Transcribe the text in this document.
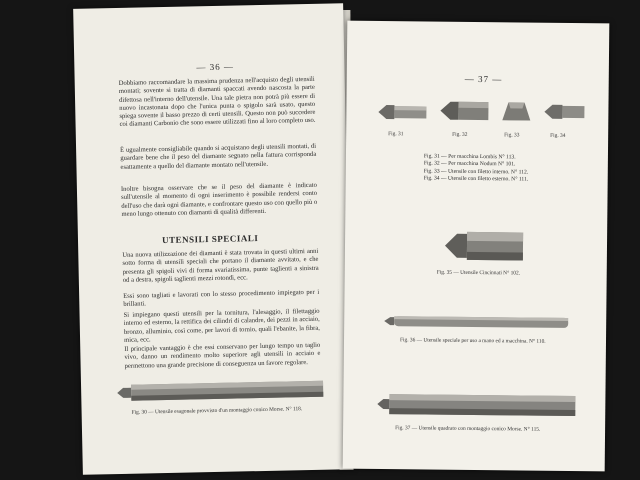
— 36 —

Dobbiamo raccomandare la massima prudenza nell'acquisto degli utensili montati; sovente si tratta di diamanti spaccati avendo nascosta la parte difettosa nell'interno dell'utensile. Una tale pietra non potrà più essere di nuovo incastonata dopo che l'unica punta o spigolo sarà usato, questo spiega sovente il basso prezzo di certi utensili. Questo non può succedere coi diamanti Carbonio che sono essere utilizzati fino al loro completo uso.

È ugualmente consigliabile quando si acquistano degli utensili montati, di guardare bene che il peso del diamante segnato nella fattura corrisponda esattamente a quello del diamante montato nell'utensile.

Inoltre bisogna osservare che se il peso del diamante è indicato sull'utensile al momento di ogni inserimento è possibile rendersi conto dell'uso che darà ogni diamante, e confrontare questo uso con quello più o meno lungo ottenuto con diamanti di qualità differenti.

UTENSILI SPECIALI

Una nuova utilizzazione dei diamanti è stata trovata in questi ultimi anni sotto forma di utensili speciali che portano il diamante avvitato, e che presenta gli spigoli vivi di forma svariatissima, punte taglienti a sinistra od a destra, spigoli taglienti mezzi rotondi, ecc.

Essi sono tagliati e lavorati con lo stesso procedimento impiegato per i brillanti.

Si impiegano questi utensili per la tornitura, l'alesaggio, il filettaggio interno ed esterno, la rettifica dei cilindri di calandre, dei pezzi in acciaio, bronzo, alluminio, così come, per lavori di tornio, quali l'ebanite, la fibra, mica, ecc.

Il principale vantaggio è che essi conservano per lungo tempo un taglio vivo, danno un rendimento molto superiore agli utensili in acciaio e permettono una grande precisione di conseguenza un favore regolare.

Fig. 30 — Utensile esagonale provvisto d'un montaggio conico Morse. N° 118.
— 37 —
Fig. 31	Fig. 32	Fig. 33	Fig. 34
Fig. 31 — Per macchina Lombis N° 113.
Fig. 32 — Per macchina Nodum N° 101.
Fig. 33 — Utensile con filetto interno. N° 112.
Fig. 34 — Utensile con filetto esterno. N° 111.
Fig. 35 — Utensile Cincinnati N° 102.
Fig. 36 — Utensile speciale per uso a mano ed a macchina. N° 110.
Fig. 37 — Utensile quadrato con montaggio conico Morse. N° 115.
